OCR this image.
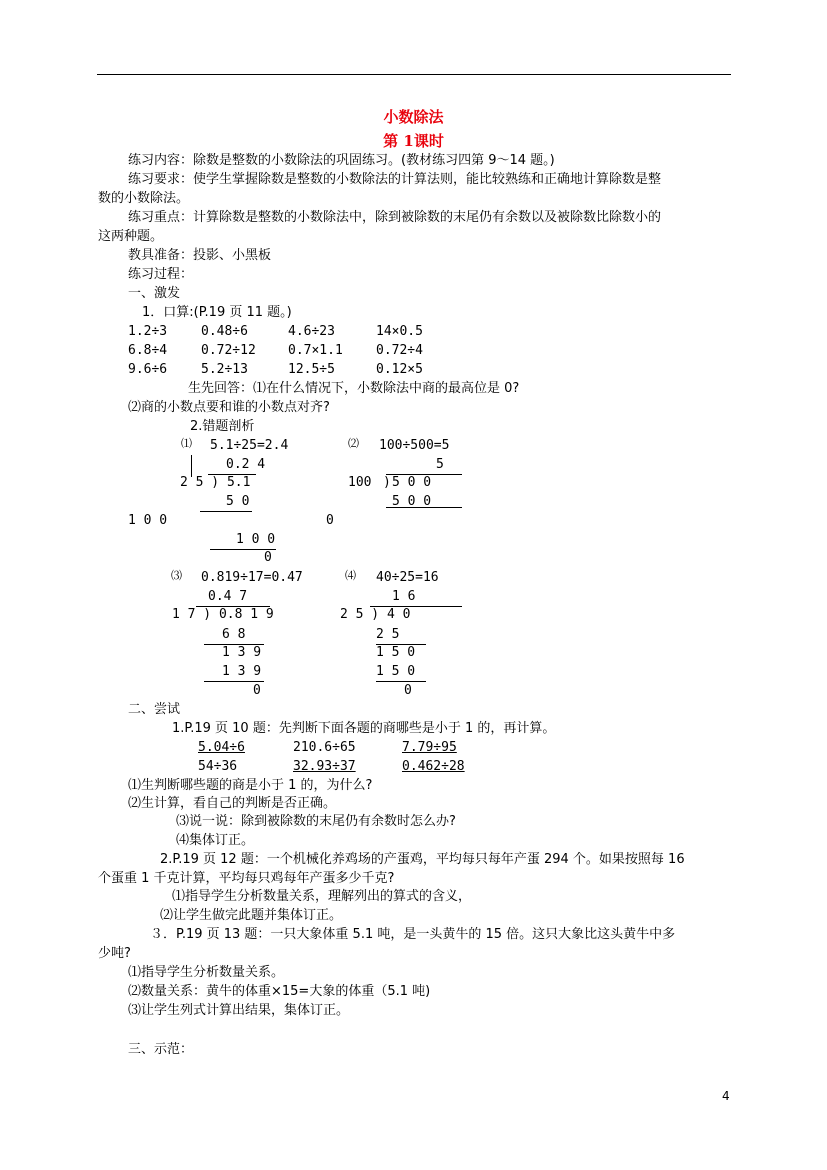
小数除法
第 1课时
练习内容：除数是整数的小数除法的巩固练习。(教材练习四第 9～14 题。)
练习要求：使学生掌握除数是整数的小数除法的计算法则，能比较熟练和正确地计算除数是整
数的小数除法。
练习重点：计算除数是整数的小数除法中，除到被除数的末尾仍有余数以及被除数比除数小的
这两种题。
教具准备：投影、小黑板
练习过程：
一、激发
1．口算:(P.19 页 11 题。)
1.2÷3	0.48÷6	4.6÷23	14×0.5
6.8÷4	0.72÷12 0.7×1.1	0.72÷4
9.6÷6	5.2÷13	12.5÷5	0.12×5
生先回答：⑴在什么情况下，小数除法中商的最高位是 0?
⑵商的小数点要和谁的小数点对齐?
2.错题剖析
⑴ 5.1÷25=2.4
0.2 4
2 5 ) 5.1
5 0
1 0 0
1 0 0
0
⑵ 100÷500=5
5
100 ) 5 0 0
5 0 0
0
⑶ 0.819÷17=0.47
0.4 7
1 7 ) 0.8 1 9
6 8
1 3 9
1 3 9
0
⑷ 40÷25=16
1 6
2 5 ) 4 0
2 5
1 5 0
1 5 0
0
二、尝试
1.P.19 页 10 题：先判断下面各题的商哪些是小于 1 的，再计算。
5.04÷6	210.6÷65	7.79÷95
54÷36	32.93÷37	0.462÷28
⑴生判断哪些题的商是小于 1 的，为什么?
⑵生计算，看自己的判断是否正确。
⑶说一说：除到被除数的末尾仍有余数时怎么办?
⑷集体订正。
2.P.19 页 12 题：一个机械化养鸡场的产蛋鸡，平均每只每年产蛋 294 个。如果按照每 16
个蛋重 1 千克计算，平均每只鸡每年产蛋多少千克?
⑴指导学生分析数量关系，理解列出的算式的含义，
⑵让学生做完此题并集体订正。
３．P.19 页 13 题：一只大象体重 5.1 吨，是一头黄牛的 15 倍。这只大象比这头黄牛中多
少吨?
⑴指导学生分析数量关系。
⑵数量关系：黄牛的体重×15=大象的体重（5.1 吨)
⑶让学生列式计算出结果，集体订正。
三、示范：
4
